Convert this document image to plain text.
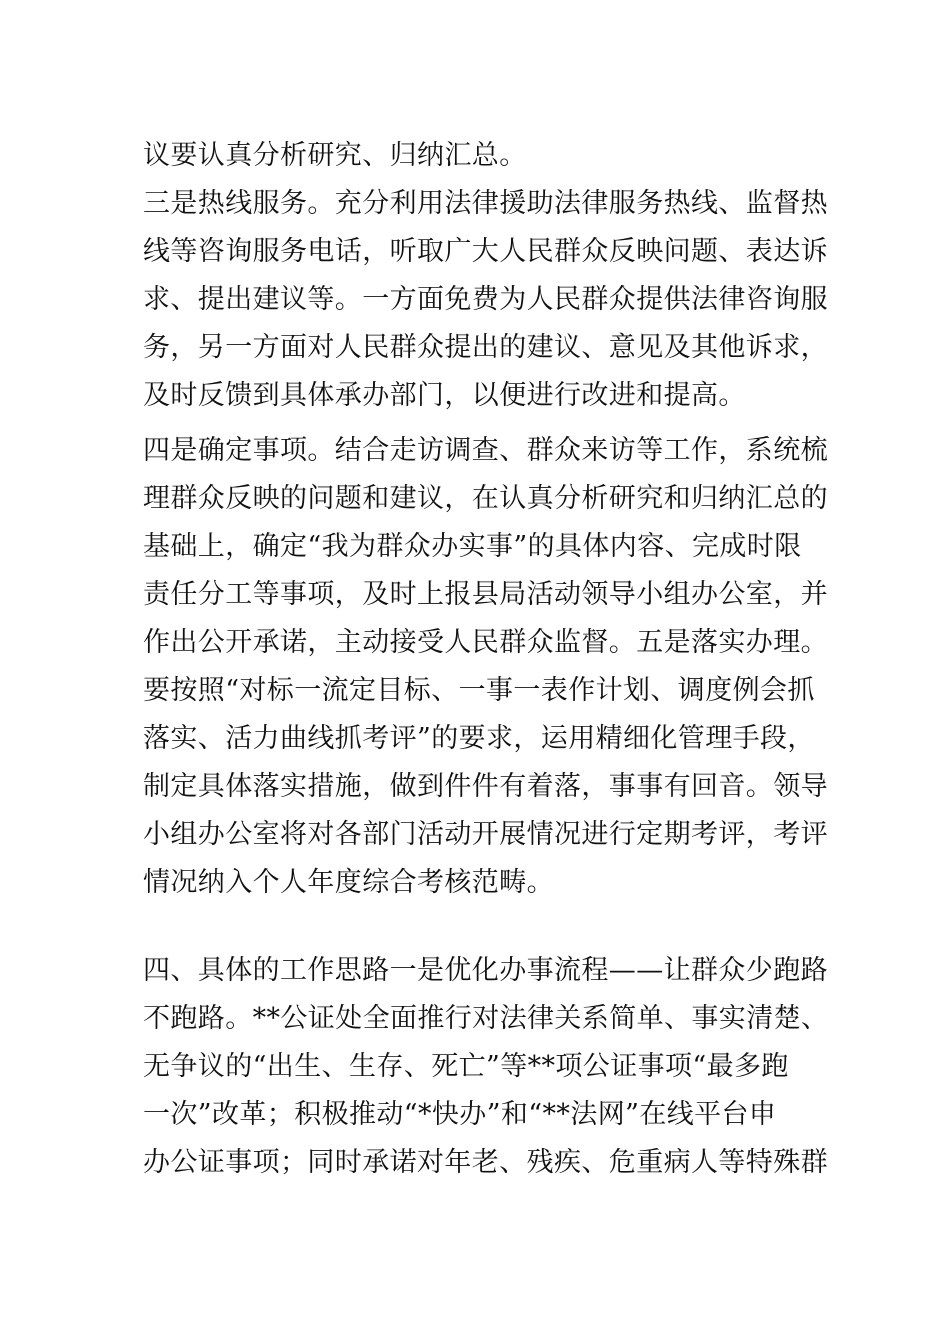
议要认真分析研究、归纳汇总。
三是热线服务。充分利用法律援助法律服务热线、监督热
线等咨询服务电话，听取广大人民群众反映问题、表达诉
求、提出建议等。一方面免费为人民群众提供法律咨询服
务，另一方面对人民群众提出的建议、意见及其他诉求，
及时反馈到具体承办部门，以便进行改进和提高。
四是确定事项。结合走访调查、群众来访等工作，系统梳
理群众反映的问题和建议，在认真分析研究和归纳汇总的
基础上，确定“我为群众办实事”的具体内容、完成时限
责任分工等事项，及时上报县局活动领导小组办公室，并
作出公开承诺，主动接受人民群众监督。五是落实办理。
要按照“对标一流定目标、一事一表作计划、调度例会抓
落实、活力曲线抓考评”的要求，运用精细化管理手段，
制定具体落实措施，做到件件有着落，事事有回音。领导
小组办公室将对各部门活动开展情况进行定期考评，考评
情况纳入个人年度综合考核范畴。
四、具体的工作思路一是优化办事流程——让群众少跑路
不跑路。**公证处全面推行对法律关系简单、事实清楚、
无争议的“出生、生存、死亡”等**项公证事项“最多跑
一次”改革；积极推动“*快办”和“**法网”在线平台申
办公证事项；同时承诺对年老、残疾、危重病人等特殊群
